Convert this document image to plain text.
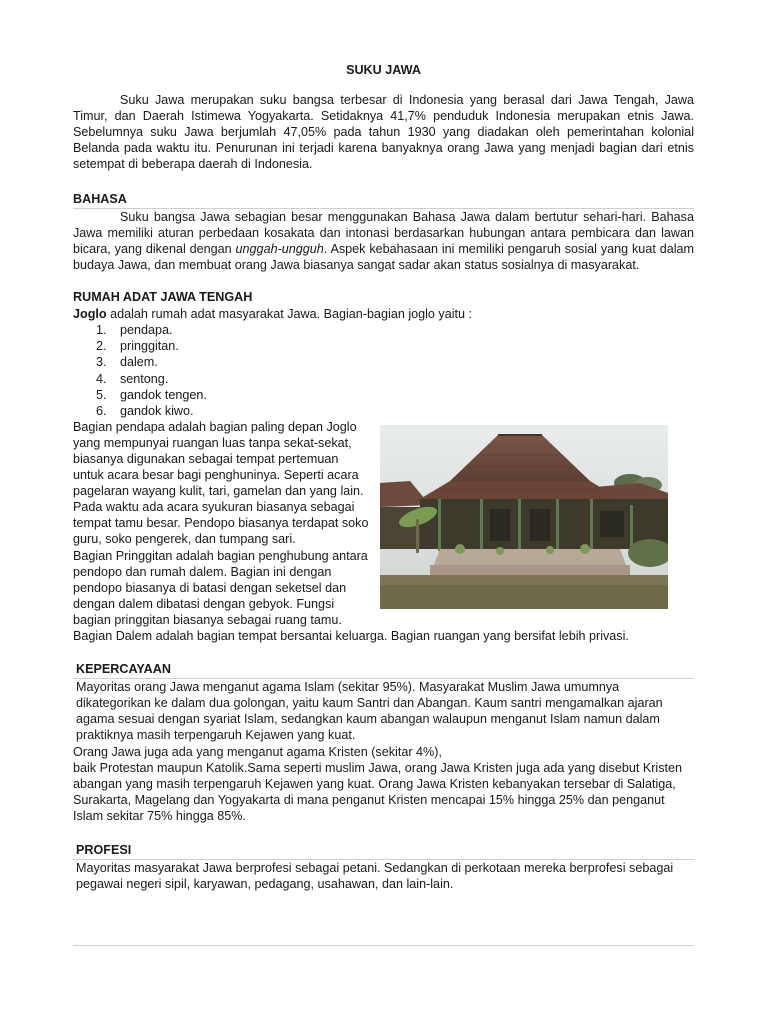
SUKU JAWA

Suku Jawa merupakan suku bangsa terbesar di Indonesia yang berasal dari Jawa Tengah, Jawa Timur, dan Daerah Istimewa Yogyakarta. Setidaknya 41,7% penduduk Indonesia merupakan etnis Jawa. Sebelumnya suku Jawa berjumlah 47,05% pada tahun 1930 yang diadakan oleh pemerintahan kolonial Belanda pada waktu itu. Penurunan ini terjadi karena banyaknya orang Jawa yang menjadi bagian dari etnis setempat di beberapa daerah di Indonesia.

BAHASA

Suku bangsa Jawa sebagian besar menggunakan Bahasa Jawa dalam bertutur sehari-hari. Bahasa Jawa memiliki aturan perbedaan kosakata dan intonasi berdasarkan hubungan antara pembicara dan lawan bicara, yang dikenal dengan unggah-ungguh. Aspek kebahasaan ini memiliki pengaruh sosial yang kuat dalam budaya Jawa, dan membuat orang Jawa biasanya sangat sadar akan status sosialnya di masyarakat.

RUMAH ADAT JAWA TENGAH

Joglo adalah rumah adat masyarakat Jawa. Bagian-bagian joglo yaitu :

1.	pendapa.
2.	pringgitan.
3.	dalem.
4.	sentong.
5.	gandok tengen.
6.	gandok kiwo.

Bagian pendapa adalah bagian paling depan Joglo yang mempunyai ruangan luas tanpa sekat-sekat, biasanya digunakan sebagai tempat pertemuan untuk acara besar bagi penghuninya. Seperti acara pagelaran wayang kulit, tari, gamelan dan yang lain. Pada waktu ada acara syukuran biasanya sebagai tempat tamu besar. Pendopo biasanya terdapat soko guru, soko pengerek, dan tumpang sari.

Bagian Pringgitan adalah bagian penghubung antara pendopo dan rumah dalem. Bagian ini dengan pendopo biasanya di batasi dengan seketsel dan dengan dalem dibatasi dengan gebyok. Fungsi bagian pringgitan biasanya sebagai ruang tamu.

Bagian Dalem adalah bagian tempat bersantai keluarga. Bagian ruangan yang bersifat lebih privasi.

KEPERCAYAAN

Mayoritas orang Jawa menganut agama Islam (sekitar 95%). Masyarakat Muslim Jawa umumnya dikategorikan ke dalam dua golongan, yaitu kaum Santri dan Abangan. Kaum santri mengamalkan ajaran agama sesuai dengan syariat Islam, sedangkan kaum abangan walaupun menganut Islam namun dalam praktiknya masih terpengaruh Kejawen yang kuat.

Orang Jawa juga ada yang menganut agama Kristen (sekitar 4%),

baik Protestan maupun Katolik.Sama seperti muslim Jawa, orang Jawa Kristen juga ada yang disebut Kristen abangan yang masih terpengaruh Kejawen yang kuat. Orang Jawa Kristen kebanyakan tersebar di Salatiga, Surakarta, Magelang dan Yogyakarta di mana penganut Kristen mencapai 15% hingga 25% dan penganut Islam sekitar 75% hingga 85%.

PROFESI

Mayoritas masyarakat Jawa berprofesi sebagai petani. Sedangkan di perkotaan mereka berprofesi sebagai pegawai negeri sipil, karyawan, pedagang, usahawan, dan lain-lain.
